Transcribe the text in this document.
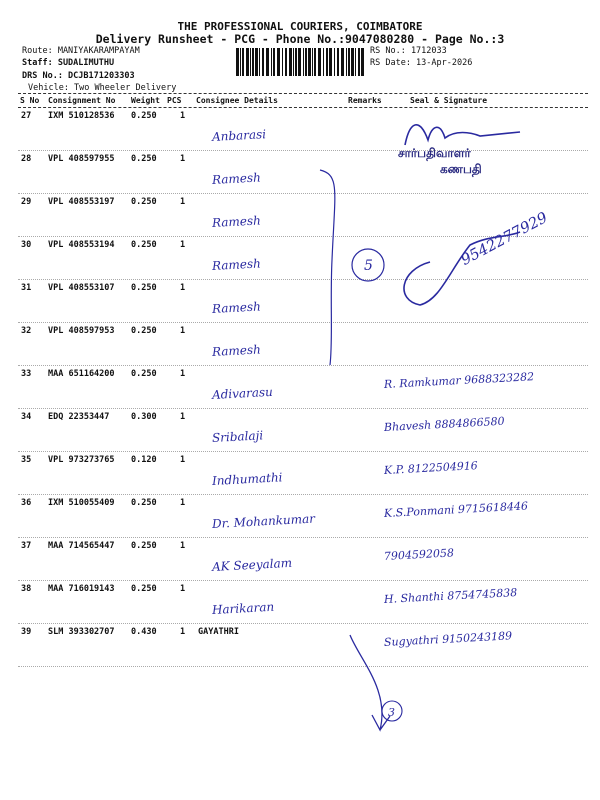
THE PROFESSIONAL COURIERS, COIMBATORE
Delivery Runsheet - PCG - Phone No.:9047080280 - Page No.:3
Route: MANIYAKARAMPAYAM
Staff: SUDALIMUTHU
DRS No.: DCJB171203303
Vehicle: Two Wheeler Delivery
RS No.: 1712033
RS Date: 13-Apr-2026
S No Consignment No Weight PCS Consignee Details	Remarks	Seal & Signature
27 IXM 510128536 0.250	1
Anbarasi
28 VPL 408597955 0.250	1
Ramesh
29 VPL 408553197 0.250	1
Ramesh
30 VPL 408553194 0.250	1
Ramesh
31 VPL 408553107 0.250	1
Ramesh
32 VPL 408597953 0.250	1
Ramesh
33 MAA 651164200 0.250	1
Adivarasu
R. Ramkumar 9688323282
34 EDQ 22353447	0.300	1
Sribalaji
Bhavesh 8884866580
35 VPL 973273765 0.120	1
Indhumathi
K.P. 8122504916
36 IXM 510055409 0.250	1
Dr. Mohankumar
K.S.Ponmani 9715618446
37 MAA 714565447 0.250	1
AK Seeyalam
7904592058
38 MAA 716019143 0.250	1
Harikaran
H. Shanthi 8754745838
39 SLM 393302707 0.430	1 GAYATHRI	Sugyathri 9150243189
சார்பதிவாளர்
கணபதி
9542277929
5
3
